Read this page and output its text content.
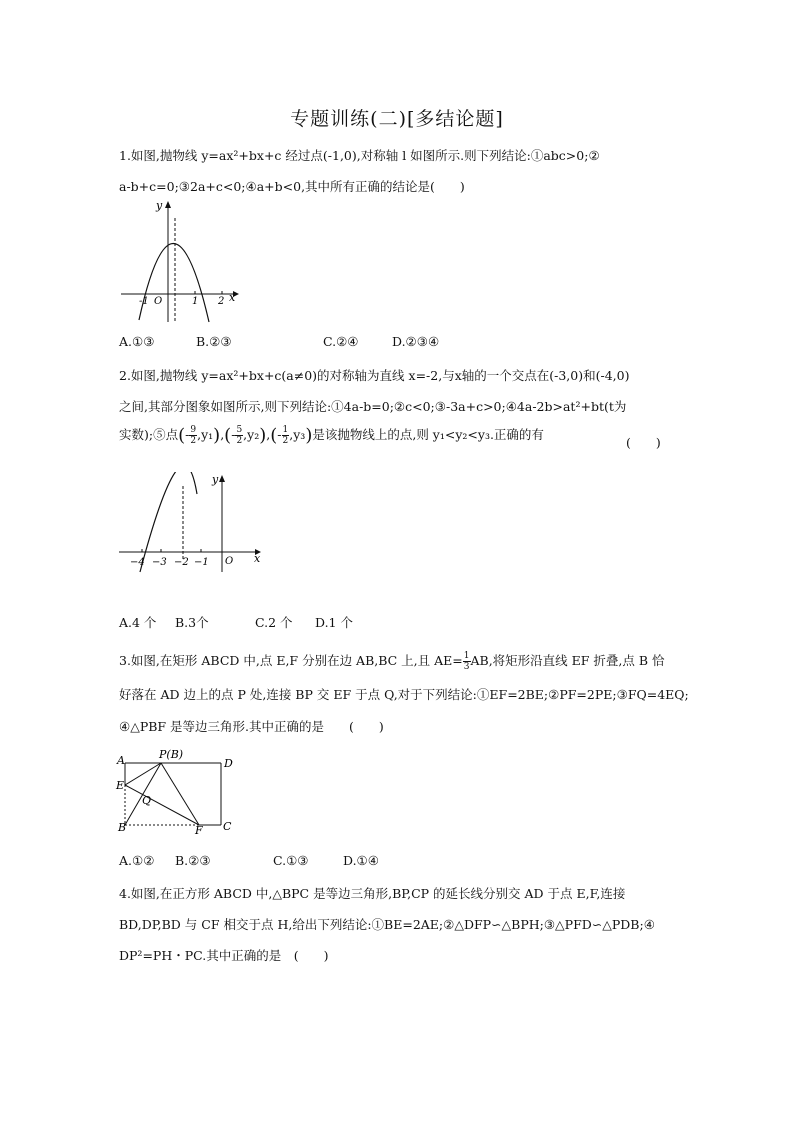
专题训练(二)[多结论题]
1.如图,抛物线 y=ax²+bx+c 经过点(-1,0),对称轴 l 如图所示.则下列结论:①abc>0;②
a-b+c=0;③2a+c<0;④a+b<0,其中所有正确的结论是(　　)
y
x
-1 O	1 2
A.①③	B.②③	C.②④	D.②③④
2.如图,抛物线 y=ax²+bx+c(a≠0)的对称轴为直线 x=-2,与x轴的一个交点在(-3,0)和(-4,0)
之间,其部分图象如图所示,则下列结论:①4a-b=0;②c<0;③-3a+c>0;④4a-2b>at²+bt(t为
实数);⑤点(- $\frac{9}{2} ,y_1),(- \frac{5}{2} ,y_2),(- \frac{1}{2} ,y_3)$是该抛物线上的点,则 y₁<y₂<y₃.正确的有
(　　)
y
x
−4 −3 −2 −1 O
A.4 个 B.3个	C.2 个 D.1 个
3.如图,在矩形 ABCD 中,点 E,F 分别在边 AB,BC 上,且 $AE= \frac{1}{3}$ AB,将矩形沿直线 EF 折叠,点 B 恰
好落在 AD 边上的点 P 处,连接 BP 交 EF 于点 Q,对于下列结论:①EF=2BE;②PF=2PE;③FQ=4EQ;
④△PBF 是等边三角形.其中正确的是　　(　　)
A	P(B)
D
E
Q
B	F C
A.①② B.②③	C.①③	D.①④
4.如图,在正方形 ABCD 中,△BPC 是等边三角形,BP,CP 的延长线分别交 AD 于点 E,F,连接
BD,DP,BD 与 CF 相交于点 H,给出下列结论:①BE=2AE;②△DFP∽△BPH;③△PFD∽△PDB;④
DP²=PH・PC.其中正确的是　(　　)
